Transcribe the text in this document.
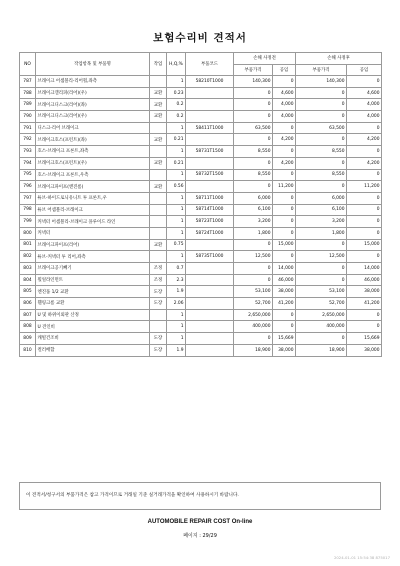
보험수리비 견적서
NO	작업항목 및 부품명	작업	H,Q,%	부품코드	손해 사정전		손해 사정후	
					부품가격	공임	부품가격	공임
787	브래이크 어셈블리-리어휠,좌측		1	58210T1000	140,300	0	140,300	0
788	브래이크캘리퍼(리어)(우)	교환	0.23		0	4,600	0	4,600
789	브래이크디스크(리어)(좌)	교환	0.2		0	4,000	0	4,000
790	브래이크디스크(리어)(우)	교환	0.2		0	4,000	0	4,000
791	디스크-리어 브래이크		1	58411T1000	63,500	0	63,500	0
792	브래이크호스(프런트)(좌)	교환	0.21		0	4,200	0	4,200
793	호스-브래이크 프론트,좌측		1	58731T1500	8,550	0	8,550	0
794	브래이크호스(프런트)(우)	교환	0.21		0	4,200	0	4,200
795	호스-브래이크 프론트,우측		1	58732T1500	8,550	0	8,550	0
796	브래이크파이프(앤진룸)	교환	0.56		0	11,200	0	11,200
797	튜브-하이드로닉유니트 투 프론트,우		1	58711T1000	6,000	0	6,000	0
798	튜브 어셈블리-브래이크		1	58714T1000	6,100	0	6,100	0
799	커넥터 어셈블리-브래이크 플루이드 라인		1	58723T1000	3,200	0	3,200	0
800	커넥터		1	58724T1000	1,800	0	1,800	0
801	브래이크파이프(리어)	교환	0.75		0	15,000	0	15,000
802	튜브-커넥터 투 리어,좌측		1	58735T1000	12,500	0	12,500	0
803	브래이크공기빼기	조정	0.7		0	14,000	0	14,000
804	휠얼라인먼트	조정	2.3		0	46,000	0	46,000
805	엔진품 1/2 교환	도장	1.9		53,100	38,000	53,100	38,000
806	휀링크룸 교환	도장	2.06		52,700	41,200	52,700	41,200
807	U 및 하위이외관 산정		1		2,650,000	0	2,650,000	0
808	U 견인비		1		400,000	0	400,000	0
809	캐빌건조비	도장	1		0	15,669	0	15,669
810	컬러배합	도장	1.9		18,900	38,000	18,900	38,000
이 견적서/청구서의 부품가격은 참고 가격이므로 거래일 기준 실거래가격을 확인하여 사용하시기 바랍니다.
AUTOMOBILE REPAIR COST On-line
페이지 : 29/29
2024-01-01 15:54:38 875017
